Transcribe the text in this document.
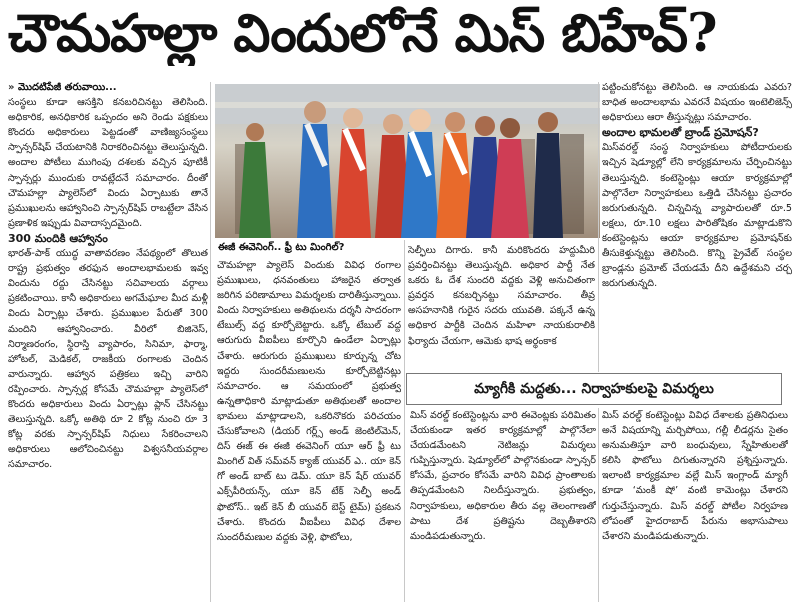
చౌమహల్లా విందులోనే మిస్ బిహేవ్?

» మొదటిపేజీ తరువాయి...

సంస్థలు కూడా ఆసక్తిని కనబరిచినట్టు తెలిసింది. అధికారిక, అనధికారిక ఒప్పందం అని రెండు పక్షకులు కొందరు అధికారులు పెట్టడంతో వాణిజ్యసంస్థలు స్పాన్సర్‌షిప్ చేయటానికి నిరాకరించినట్టు తెలుస్తున్నది. అందాల పోటీలు ముగింపు దశలకు వచ్చిన పూటికీ స్పాన్సర్లు ముందుకు రావట్లేదనే సమాచారం. దీంతో చౌమహల్లా ప్యాలెస్‌లో విందు ఏర్పాటుకు తానే ప్రముఖులను ఆహ్వానించి స్పాన్సర్‌షిప్ రాబట్టేలా వేసిన ప్రణాళిక ఇప్పుడు వివాదాస్పదమైంది.

300 మందికి ఆహ్వానం

భారత్-పాక్ యుద్ధ వాతావరణం నేపథ్యంలో తొలుత రాష్ట్ర ప్రభుత్వం తరఫున అందాలభామలకు ఇవ్వ విందును రద్దు చేసినట్టు సచివాలయ వర్గాలు ప్రకటించాయి. కానీ అధికారులు అగమేఘాల మీద మళ్లీ విందు ఏర్పాట్లు చేశారు. ప్రముఖుల పేరుతో 300 మందిని ఆహ్వానించారు. వీరిలో బిజినెస్, నిర్మాణరంగం, స్థిరాస్తి వ్యాపారం, సినిమా, ఫార్మా, హోటల్, మెడికల్, రాజకీయ రంగాలకు చెందిన వారున్నారు. ఆహ్వాన పత్రికలు ఇచ్చి వారిని రప్పించారు. స్పాన్సర్ల కోసమే చౌమహల్లా ప్యాలెస్‌లో కొందరు అధికారులు విందు ఏర్పాట్లు ప్లాన్ చేసినట్టు తెలుస్తున్నది. ఒక్కో అతిథి రూ 2 కోట్ల నుంచి రూ 3 కోట్ల వరకు స్పాన్సర్‌షిప్ నిధులు సేకరించాలని అధికారులు ఆలోచించినట్టు విశ్వసనీయవర్గాల సమాచారం.

ఈజీ ఈవెనింగ్.. ఫ్రీ టు మింగిల్?

చౌమహల్లా ప్యాలెస్ విందుకు వివిధ రంగాల ప్రముఖులు, ధనవంతులు హాజరైన తర్వాత జరిగిన పరిణామాలు విమర్శలకు దారితీస్తున్నాయి. విందు నిర్వాహకులు అతిథులను దర్శనీ సాదరంగా టేబుల్స్ వద్ద కూర్చోబెట్టారు. ఒక్కో టేబుల్ వద్ద ఆరుగురు వీఐపీలు కూర్చొని ఉండేలా ఏర్పాట్లు చేశారు. ఆరుగురు ప్రముఖులు కూర్చున్న చోట ఇద్దరు సుందరీమణులను కూర్చోబెట్టినట్లు సమాచారం. ఆ సమయంలో ప్రభుత్వ ఉన్నతాధికారి మాట్లాడుతూ అతిథులతో అందాల భామలు మాట్లాడాలని, ఒకరినొకరు పరిచయం చేసుకోవాలని (డియర్ గర్ల్స్ అండ్ జెంటిల్‌మెన్, దిస్ ఈజ్ ఈ ఈజీ ఈవెనింగ్ యూ ఆర్ ఫ్రీ టు మింగిల్ విత్ సమ్‌వన్ క్యాజ్ యువర్ ఎ.. యా కెన్ గో అండ్ బాట్ టు డెమ్. యూ కెన్ షేర్ యువర్ ఎక్స్‌పీరియన్స్, యూ కెన్ టేక్ సెల్ఫీ అండ్ ఫొటోస్.. ఇట్ కెన్ బీ యువర్ బెస్ట్ టైమ్) ప్రకటన చేశారు. కొందరు వీఐపీలు వివిధ దేశాల సుందరీమణుల వద్దకు వెళ్లి, ఫొటోలు,

సెల్ఫీలు దిగారు. కానీ మరికొందరు హద్దుమీరి ప్రవర్తించినట్టు తెలుస్తున్నది. అధికార పార్టీ నేత ఒకరు ఓ దేశ సుందరి వద్దకు వెళ్లి అనుచితంగా ప్రవర్తన కనబర్చినట్టు సమాచారం. తీవ్ర అసహనానికి గురైన సదరు యువతి. పక్కనే ఉన్న అధికార పార్టీకి చెందిన మహిళా నాయకురాలికి ఫిర్యాదు చేయగా, ఆమెకు భాష అర్థంకాక

పట్టించుకోనట్టు తెలిసింది. ఆ నాయకుడు ఎవరు? బాధిత అందాలభామ ఎవరనే విషయం ఇంటెలిజెన్స్ అధికారులు ఆరా తీస్తున్నట్లు సమాచారం.

అందాల భామలతో బ్రాండ్ ప్రమోషన్?

మిస్‌వరల్డ్ సంస్థ నిర్వాహకులు పోటీదారులకు ఇచ్చిన షెడ్యూల్లో లేని కార్యక్రమాలను చేర్పించినట్టు తెలుస్తున్నది. కంటెస్టెంట్లు ఆయా కార్యక్రమాల్లో పాల్గొనేలా నిర్వాహకులు ఒత్తిడి చేసినట్టు ప్రచారం జరుగుతున్నది. చిన్నచిన్న వ్యాపారులతో రూ.5 లక్షలు, రూ.10 లక్షలు పారితోషికం మాట్లాడుకొని కంటెస్టెంట్లను ఆయా కార్యక్రమాల ప్రమోషన్‌కు తీసుకెళ్తున్నట్టు తెలిసింది. కొన్ని ప్రైవేట్ సంస్థల బ్రాండ్లను ప్రమోట్ చేయడమే దీని ఉద్దేశమని చర్చ జరుగుతున్నది.

మ్యాగీకి మద్దతు... నిర్వాహకులపై విమర్శలు

మిస్ వరల్డ్ కంటెస్టెంట్లను వారి ఈవెంట్లకు పరిమితం చేయకుండా ఇతర కార్యక్రమాల్లో పాల్గొనేలా చేయడమేంటని నెటిజన్లు విమర్శలు గుప్పిస్తున్నారు. షెడ్యూల్‌లో పాల్గొనకుండా స్పాన్సర్ కోసమే, ప్రచారం కోసమే వారిని వివిధ ప్రాంతాలకు తిప్పడమేంటని నిలదీస్తున్నారు. ప్రభుత్వం, నిర్వాహకులు, అధికారుల తీరు వల్ల తెలంగాణతో పాటు దేశ ప్రతిష్టను దెబ్బతీశారని మండిపడుతున్నారు.

మిస్ వరల్డ్ కంటెస్టెంట్లు వివిధ దేశాలకు ప్రతినిధులు అనే విషయాన్ని మర్చిపోయి, గల్లీ లీడర్లను సైతం అనుమతిస్తూ వారి బంధువులు, స్నేహితులతో కలిసి ఫొటోలు దిగుతున్నారని ప్రశ్నిస్తున్నారు. ఇలాంటి కార్యక్రమాల వల్లే మిస్ ఇంగ్లాండ్ మ్యాగీ కూడా ‘మంకీ షో’ వంటి కామెంట్లు చేశారని గుర్తుచేస్తున్నారు. మిస్ వరల్డ్ పోటీల నిర్వహణ లోపంతో హైదరాబాద్ పేరును అభాసుపాలు చేశారని మండిపడుతున్నారు.
